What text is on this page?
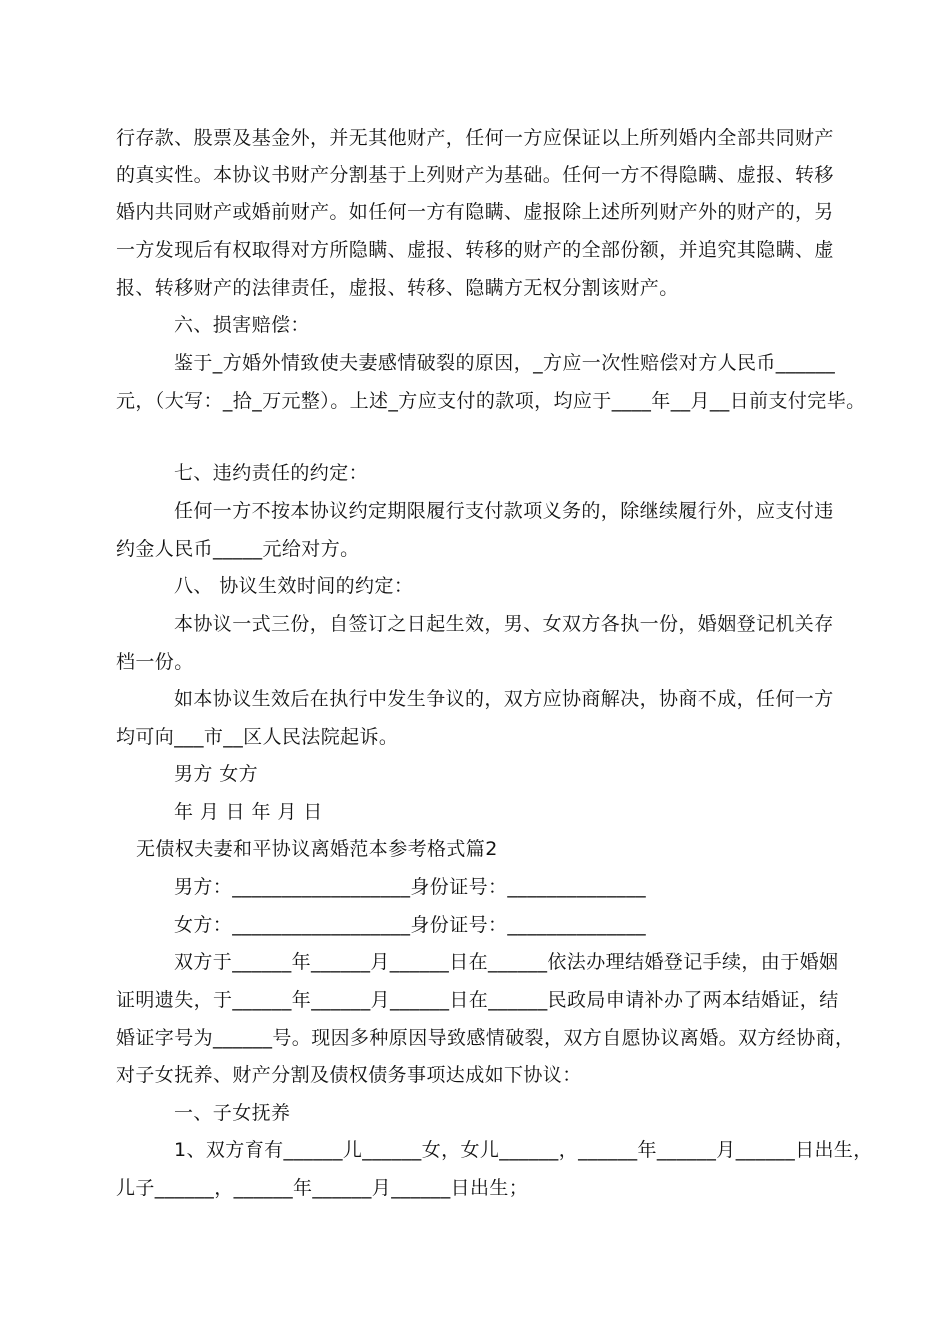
行存款、股票及基金外，并无其他财产，任何一方应保证以上所列婚内全部共同财产
的真实性。本协议书财产分割基于上列财产为基础。任何一方不得隐瞒、虚报、转移
婚内共同财产或婚前财产。如任何一方有隐瞒、虚报除上述所列财产外的财产的，另
一方发现后有权取得对方所隐瞒、虚报、转移的财产的全部份额，并追究其隐瞒、虚
报、转移财产的法律责任，虚报、转移、隐瞒方无权分割该财产。
六、损害赔偿：
鉴于_方婚外情致使夫妻感情破裂的原因，_方应一次性赔偿对方人民币______
元，（大写：_拾_万元整）。上述_方应支付的款项，均应于____年__月__日前支付完毕。
七、违约责任的约定：
任何一方不按本协议约定期限履行支付款项义务的，除继续履行外，应支付违
约金人民币_____元给对方。
八、 协议生效时间的约定：
本协议一式三份，自签订之日起生效，男、女双方各执一份，婚姻登记机关存
档一份。
如本协议生效后在执行中发生争议的，双方应协商解决，协商不成，任何一方
均可向___市__区人民法院起诉。
男方 女方
年 月 日 年 月 日
无债权夫妻和平协议离婚范本参考格式篇2
男方：__________________身份证号：______________
女方：__________________身份证号：______________
双方于______年______月______日在______依法办理结婚登记手续，由于婚姻
证明遗失，于______年______月______日在______民政局申请补办了两本结婚证，结
婚证字号为______号。现因多种原因导致感情破裂，双方自愿协议离婚。双方经协商，
对子女抚养、财产分割及债权债务事项达成如下协议：
一、子女抚养
1、双方育有______儿______女，女儿______，______年______月______日出生，
儿子______，______年______月______日出生；
